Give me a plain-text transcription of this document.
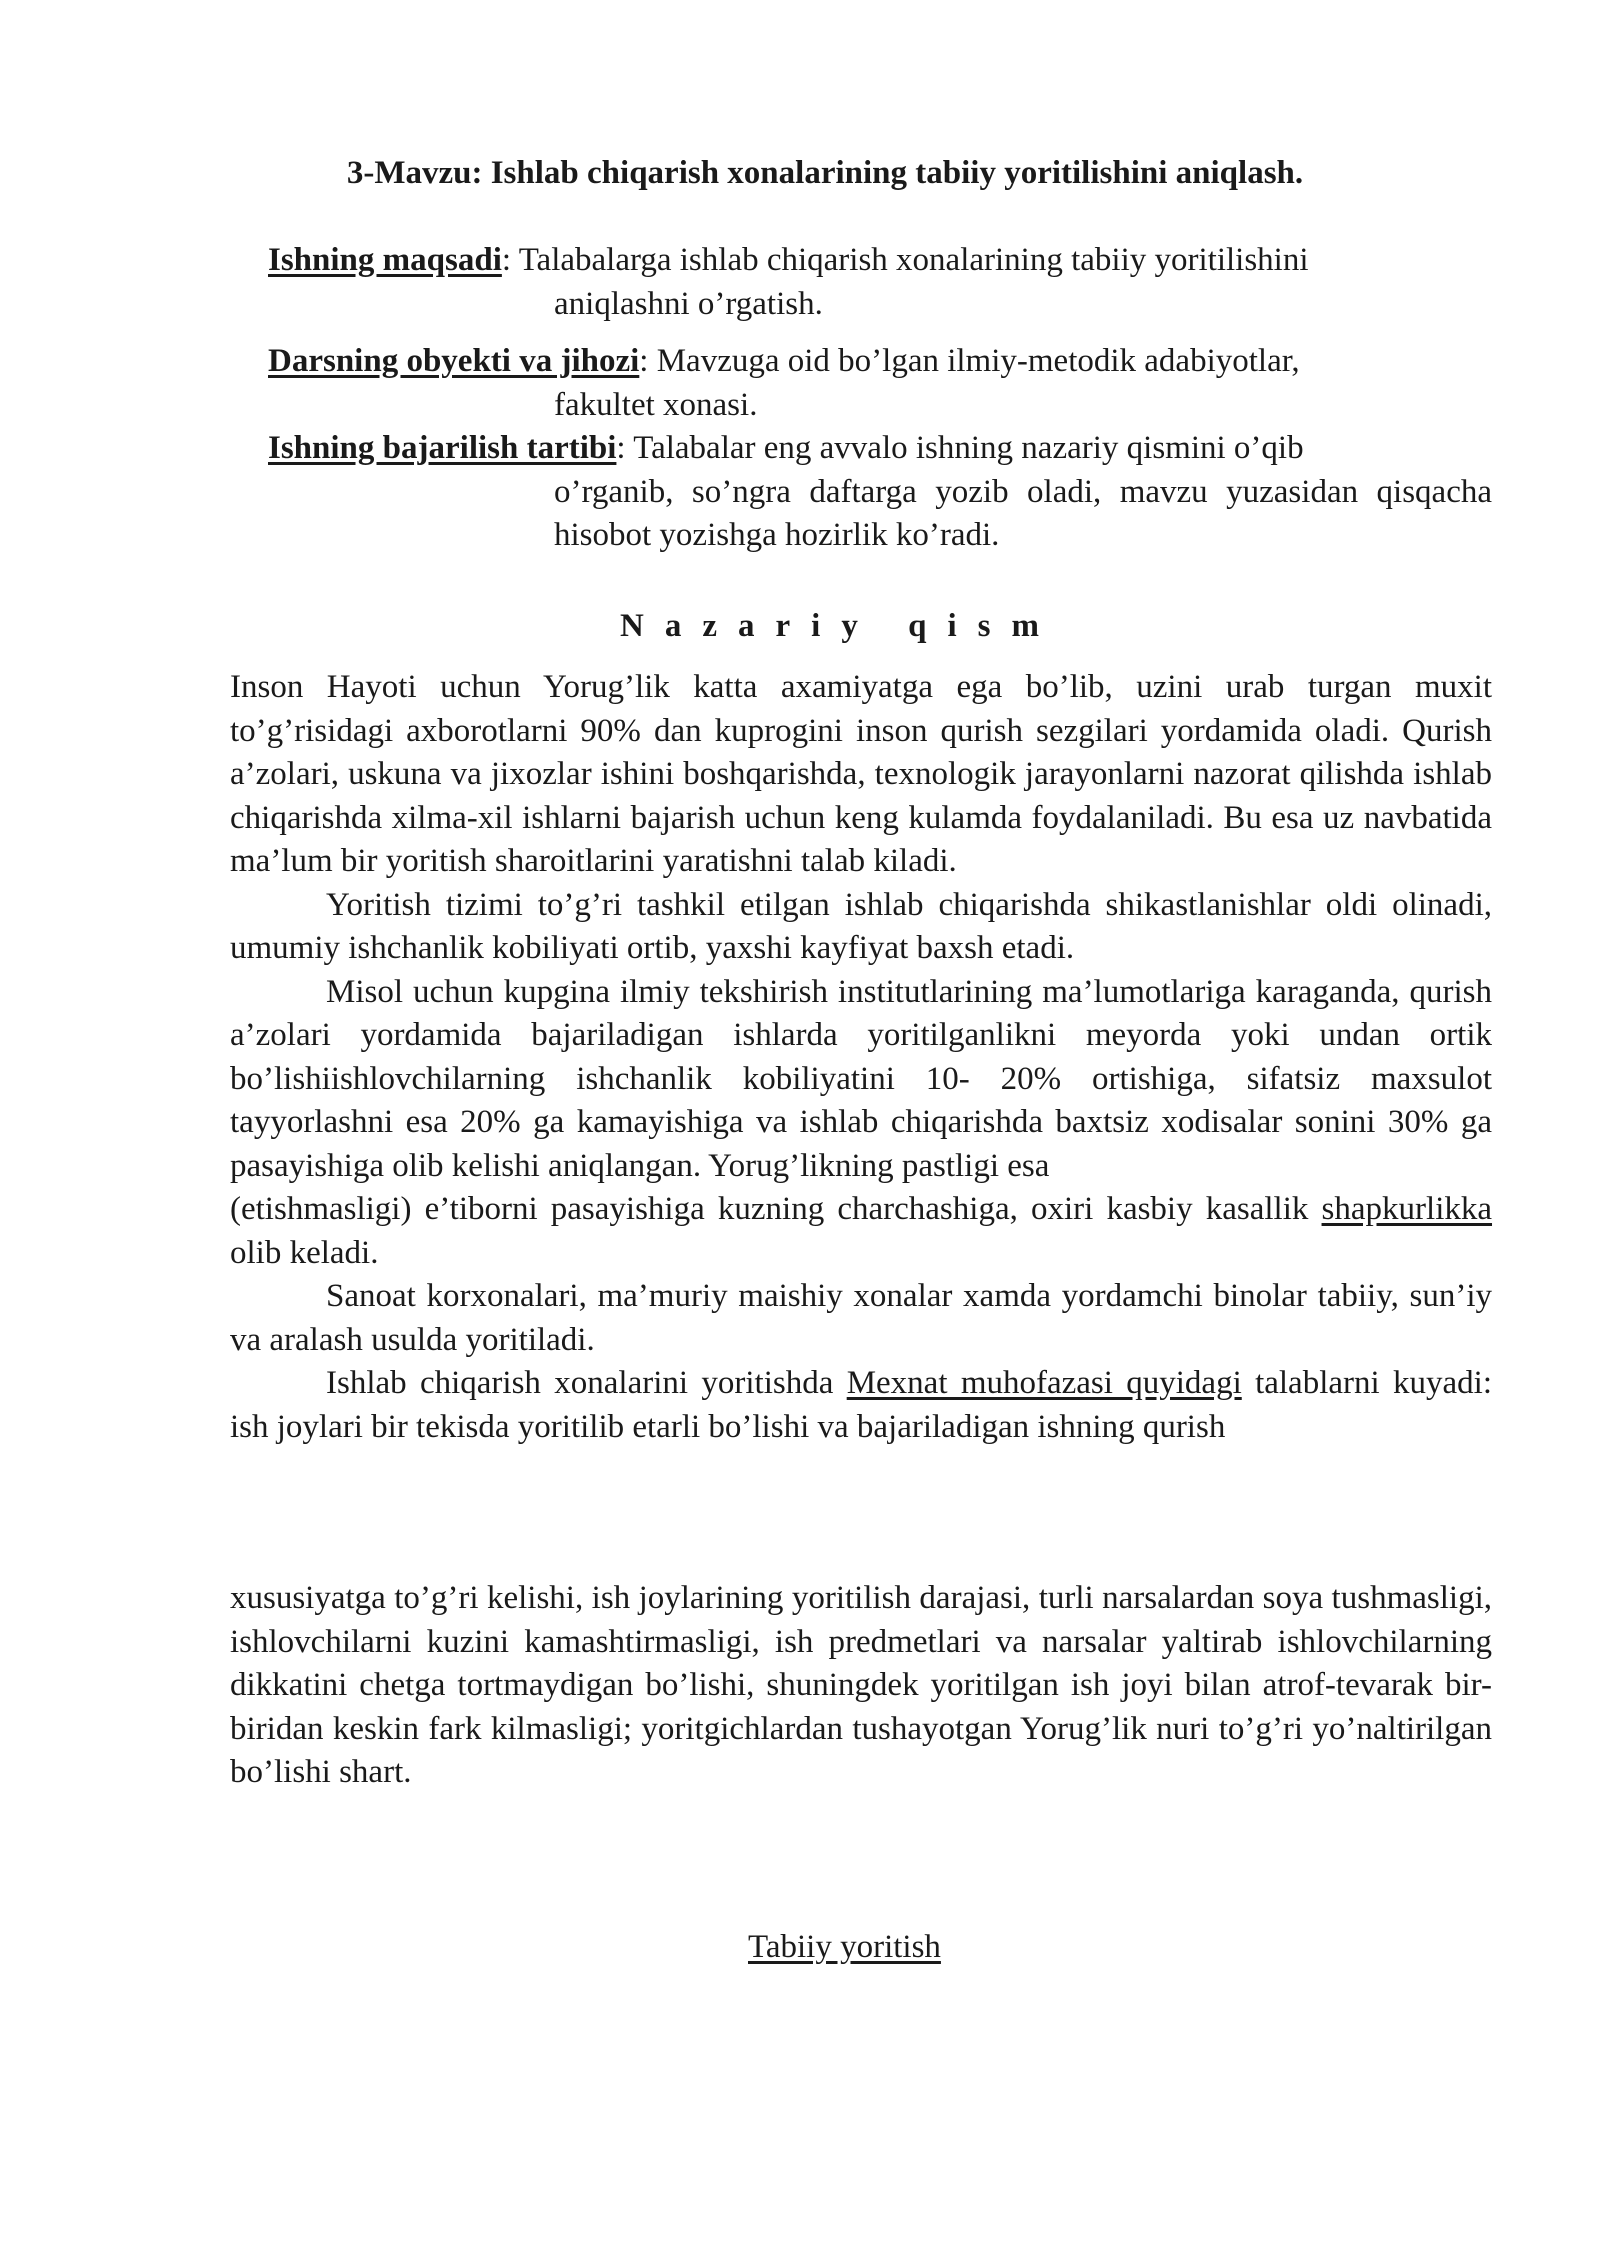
3-Mavzu: Ishlab chiqarish xonalarining tabiiy yoritilishini aniqlash.
Ishning maqsadi: Talabalarga ishlab chiqarish xonalarining tabiiy yoritilishini
aniqlashni o’rgatish.
Darsning obyekti va jihozi: Mavzuga oid bo’lgan ilmiy-metodik adabiyotlar,
fakultet xonasi.
Ishning bajarilish tartibi: Talabalar eng avvalo ishning nazariy qismini o’qib
o’rganib, so’ngra daftarga yozib oladi, mavzu yuzasidan qisqacha hisobot yozishga hozirlik ko’radi.
Nazariy qism

Inson Hayoti uchun Yorug’lik katta axamiyatga ega bo’lib, uzini urab turgan muxit to’g’risidagi axborotlarni 90% dan kuprogini inson qurish sezgilari yordamida oladi. Qurish a’zolari, uskuna va jixozlar ishini boshqarishda, texnologik jarayonlarni nazorat qilishda ishlab chiqarishda xilma-xil ishlarni bajarish uchun keng kulamda foydalaniladi. Bu esa uz navbatida ma’lum bir yoritish sharoitlarini yaratishni talab kiladi.

Yoritish tizimi to’g’ri tashkil etilgan ishlab chiqarishda shikastlanishlar oldi olinadi, umumiy ishchanlik kobiliyati ortib, yaxshi kayfiyat baxsh etadi.

Misol uchun kupgina ilmiy tekshirish institutlarining ma’lumotlariga karaganda, qurish a’zolari yordamida bajariladigan ishlarda yoritilganlikni meyorda yoki undan ortik bo’lishiishlovchilarning ishchanlik kobiliyatini 10- 20% ortishiga, sifatsiz maxsulot tayyorlashni esa 20% ga kamayishiga va ishlab chiqarishda baxtsiz xodisalar sonini 30% ga pasayishiga olib kelishi aniqlangan. Yorug’likning pastligi esa

(etishmasligi) e’tiborni pasayishiga kuzning charchashiga, oxiri kasbiy kasallik shapkurlikka olib keladi.

Sanoat korxonalari, ma’muriy maishiy xonalar xamda yordamchi binolar tabiiy, sun’iy va aralash usulda yoritiladi.

Ishlab chiqarish xonalarini yoritishda Mexnat muhofazasi quyidagi talablarni kuyadi: ish joylari bir tekisda yoritilib etarli bo’lishi va bajariladigan ishning qurish

xususiyatga to’g’ri kelishi, ish joylarining yoritilish darajasi, turli narsalardan soya tushmasligi, ishlovchilarni kuzini kamashtirmasligi, ish predmetlari va narsalar yaltirab ishlovchilarning dikkatini chetga tortmaydigan bo’lishi, shuningdek yoritilgan ish joyi bilan atrof-tevarak bir-biridan keskin fark kilmasligi; yoritgichlardan tushayotgan Yorug’lik nuri to’g’ri yo’naltirilgan bo’lishi shart.

Tabiiy yoritish
